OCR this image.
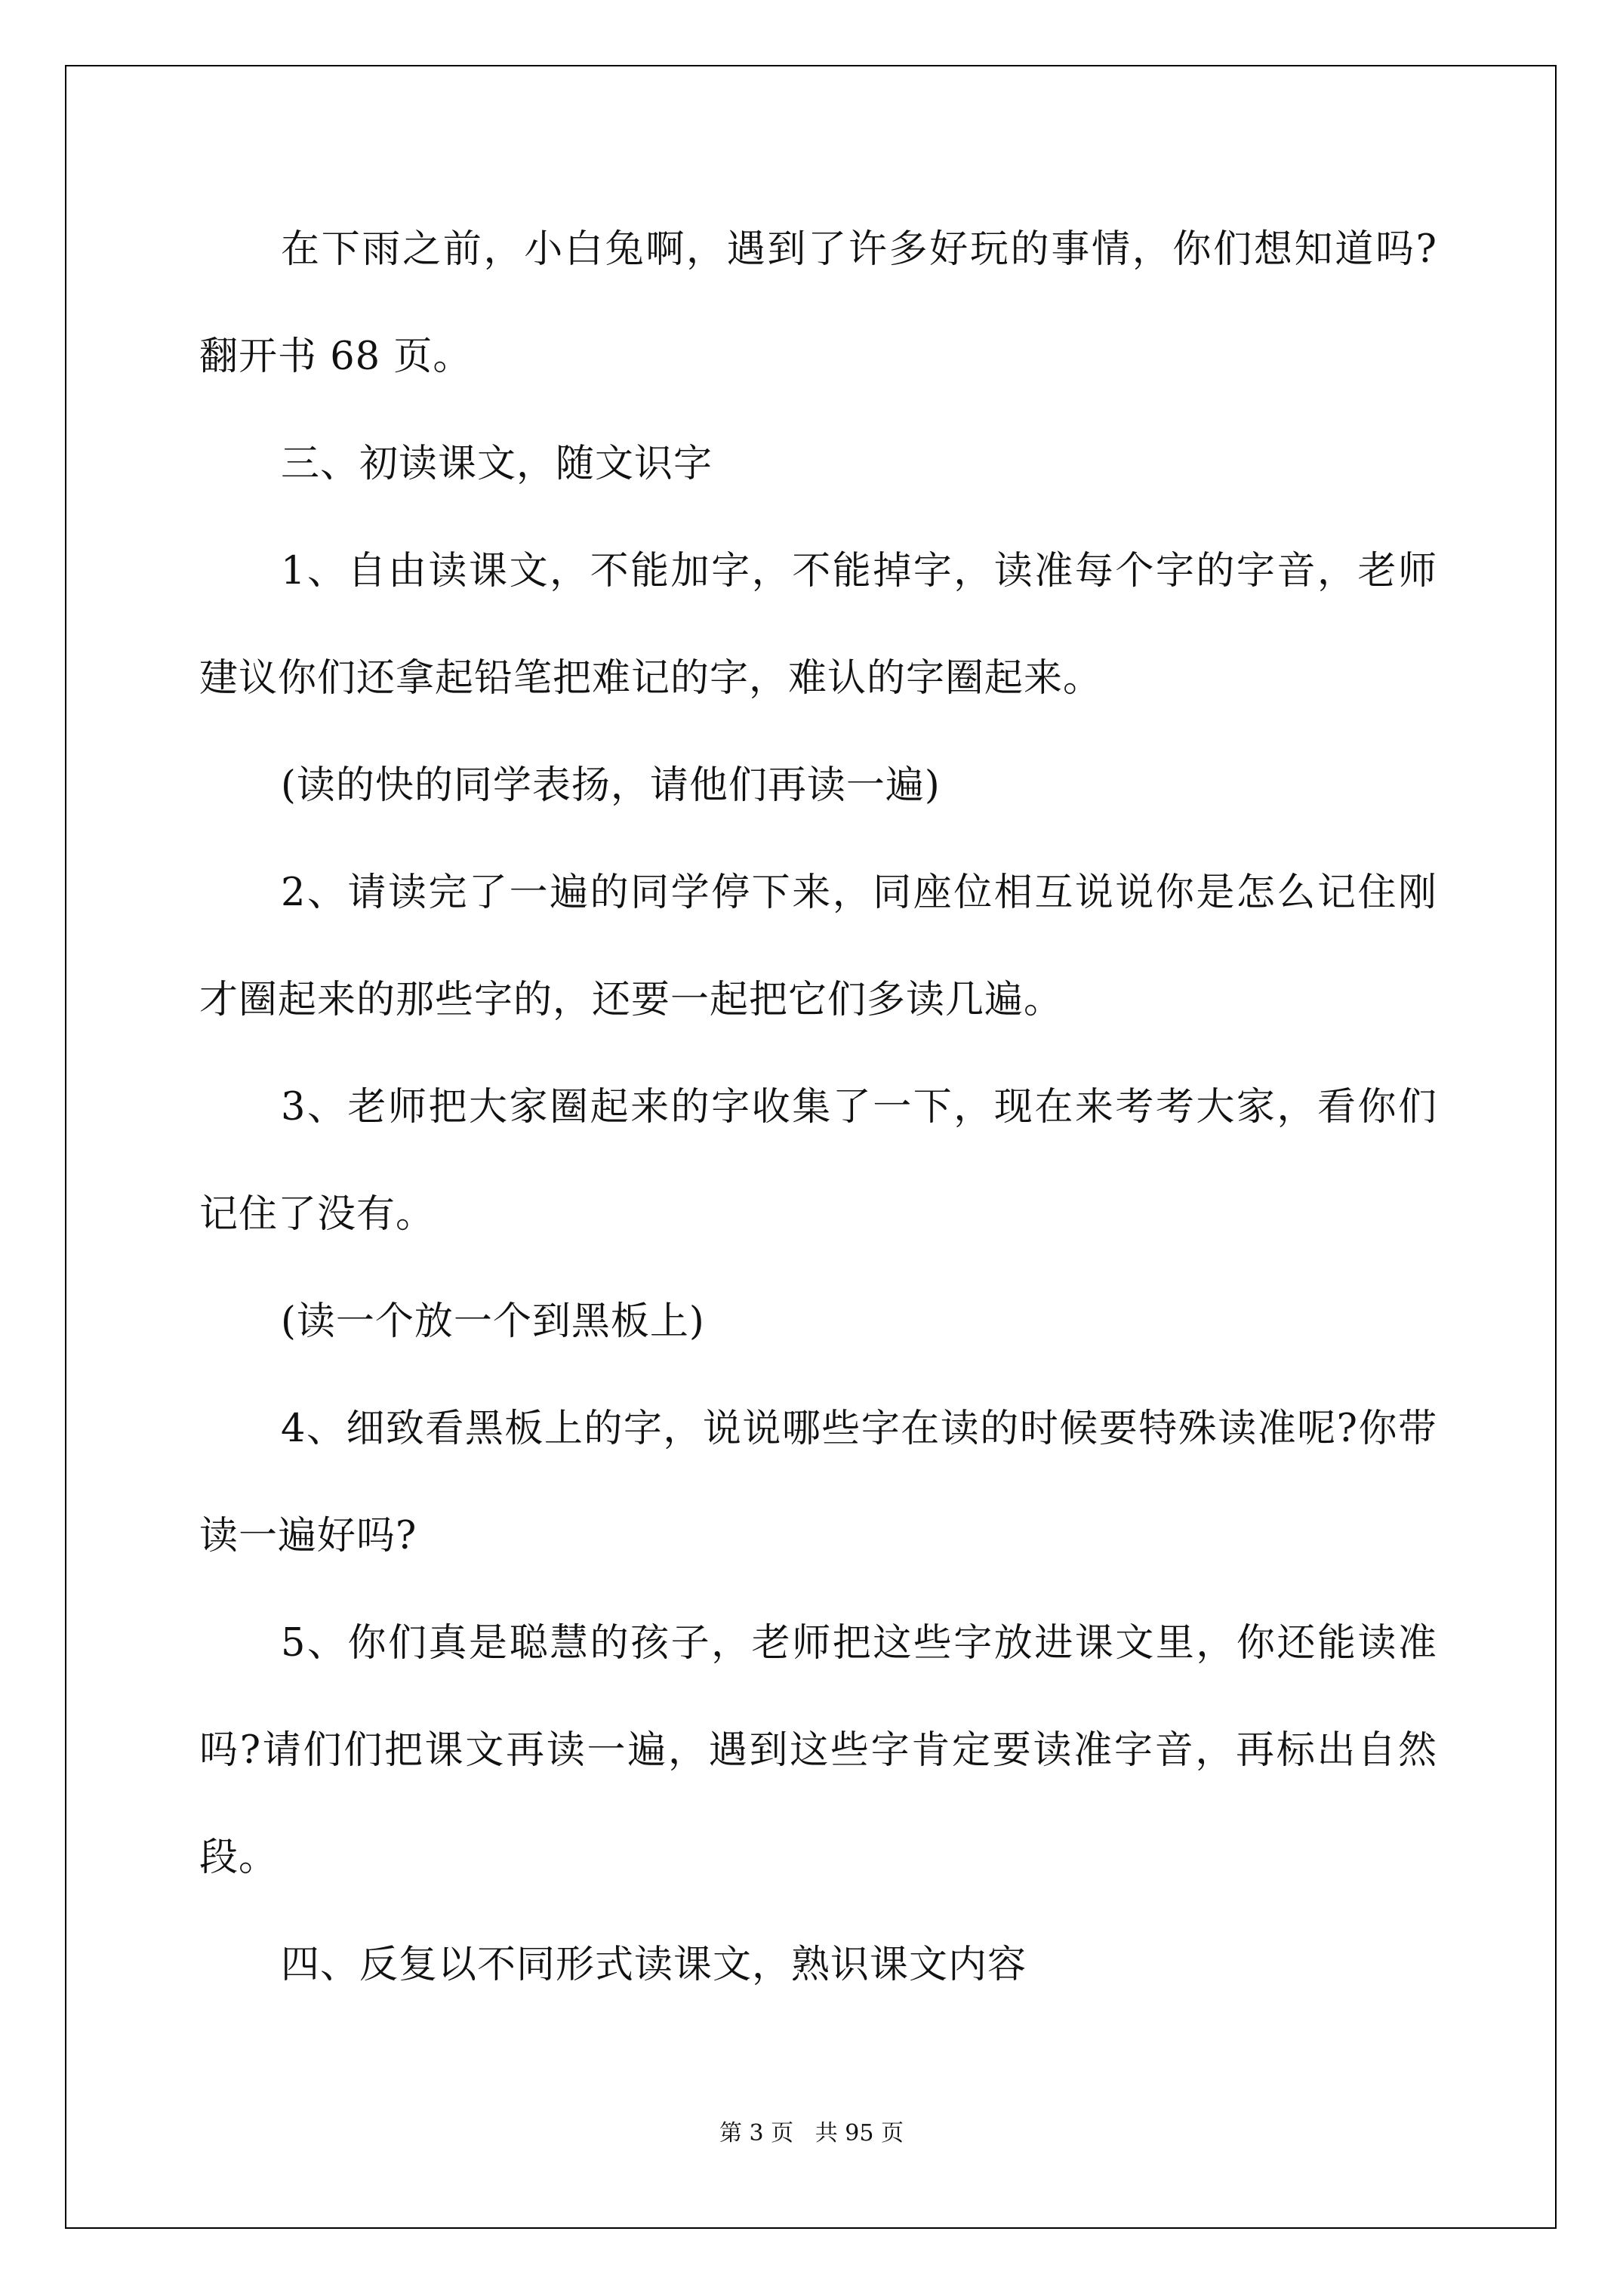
在下雨之前，小白兔啊，遇到了许多好玩的事情，你们想知道吗?翻开书 68 页。

三、初读课文，随文识字

1、自由读课文，不能加字，不能掉字，读准每个字的字音，老师建议你们还拿起铅笔把难记的字，难认的字圈起来。

(读的快的同学表扬，请他们再读一遍)

2、请读完了一遍的同学停下来，同座位相互说说你是怎么记住刚才圈起来的那些字的，还要一起把它们多读几遍。

3、老师把大家圈起来的字收集了一下，现在来考考大家，看你们记住了没有。

(读一个放一个到黑板上)

4、细致看黑板上的字，说说哪些字在读的时候要特殊读准呢?你带读一遍好吗?

5、你们真是聪慧的孩子，老师把这些字放进课文里，你还能读准吗?请们们把课文再读一遍，遇到这些字肯定要读准字音，再标出自然段。

四、反复以不同形式读课文，熟识课文内容

第 3 页   共 95 页
